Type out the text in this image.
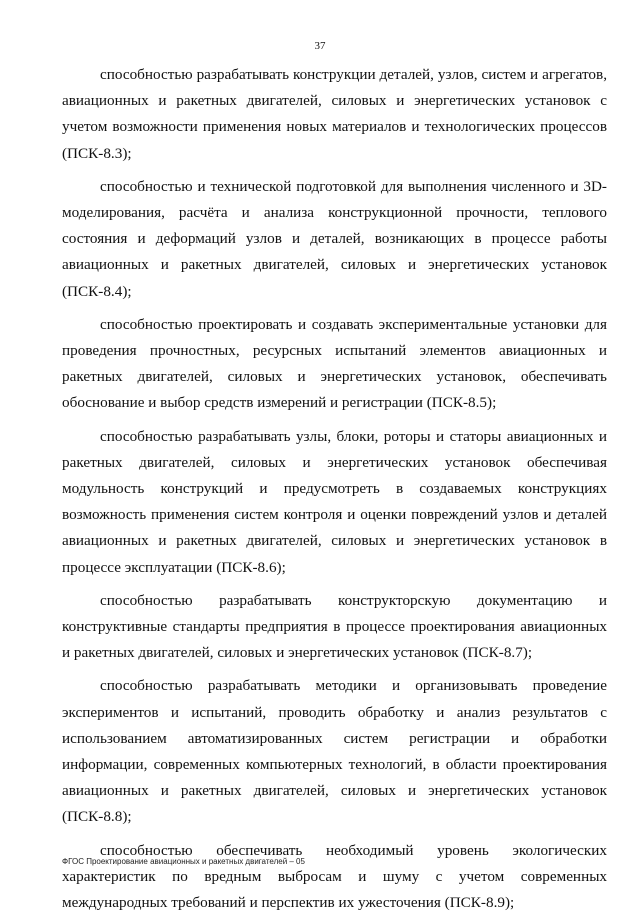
37

способностью разрабатывать конструкции деталей, узлов, систем и агрегатов, авиационных и ракетных двигателей, силовых и энергетических установок с учетом возможности применения новых материалов и технологических процессов (ПСК-8.3);

способностью и технической подготовкой для выполнения численного и 3D- моделирования, расчёта и анализа конструкционной прочности, теплового состояния и деформаций узлов и деталей, возникающих в процессе работы авиационных и ракетных двигателей, силовых и энергетических установок (ПСК-8.4);

способностью проектировать и создавать экспериментальные установки для проведения прочностных, ресурсных испытаний элементов авиационных и ракетных двигателей, силовых и энергетических установок, обеспечивать обоснование и выбор средств измерений и регистрации (ПСК-8.5);

способностью разрабатывать узлы, блоки, роторы и статоры авиационных и ракетных двигателей, силовых и энергетических установок обеспечивая модульность конструкций и предусмотреть в создаваемых конструкциях возможность применения систем контроля и оценки повреждений узлов и деталей авиационных и ракетных двигателей, силовых и энергетических установок в процессе эксплуатации (ПСК-8.6);

способностью разрабатывать конструкторскую документацию и конструктивные стандарты предприятия в процессе проектирования авиационных и ракетных двигателей, силовых и энергетических установок (ПСК-8.7);

способностью разрабатывать методики и организовывать проведение экспериментов и испытаний, проводить обработку и анализ результатов с использованием автоматизированных систем регистрации и обработки информации, современных компьютерных технологий, в области проектирования авиационных и ракетных двигателей, силовых и энергетических установок (ПСК-8.8);

способностью обеспечивать необходимый уровень экологических характеристик по вредным выбросам и шуму с учетом современных международных требований и перспектив их ужесточения (ПСК-8.9);

ФГОС Проектирование авиационных и ракетных двигателей – 05
